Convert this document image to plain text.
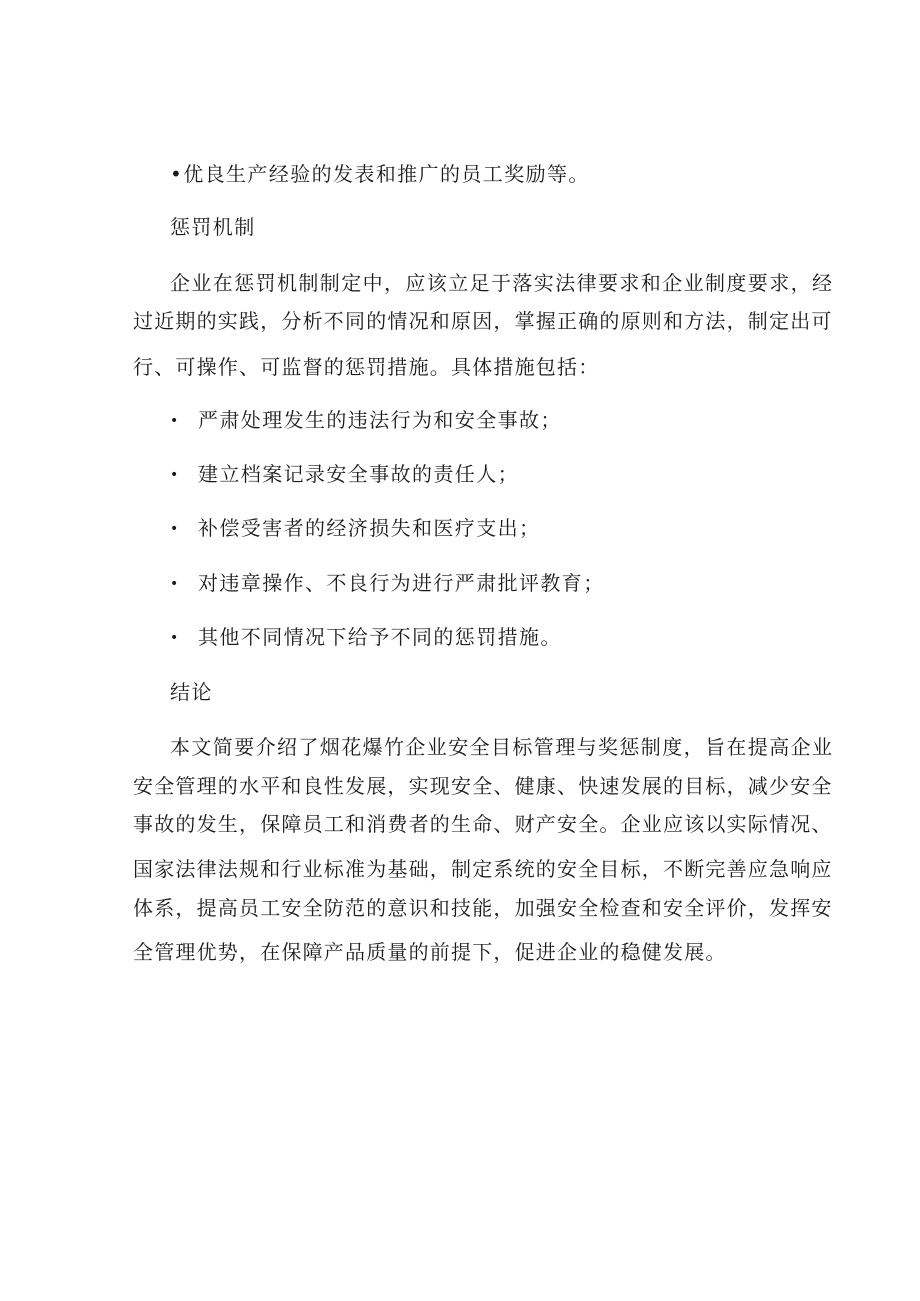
•优良生产经验的发表和推广的员工奖励等。
惩罚机制
企业在惩罚机制制定中，应该立足于落实法律要求和企业制度要求，经
过近期的实践，分析不同的情况和原因，掌握正确的原则和方法，制定出可
行、可操作、可监督的惩罚措施。具体措施包括：
• 严肃处理发生的违法行为和安全事故；
• 建立档案记录安全事故的责任人；
• 补偿受害者的经济损失和医疗支出；
• 对违章操作、不良行为进行严肃批评教育；
• 其他不同情况下给予不同的惩罚措施。
结论
本文简要介绍了烟花爆竹企业安全目标管理与奖惩制度，旨在提高企业
安全管理的水平和良性发展，实现安全、健康、快速发展的目标，减少安全
事故的发生，保障员工和消费者的生命、财产安全。企业应该以实际情况、
国家法律法规和行业标准为基础，制定系统的安全目标，不断完善应急响应
体系，提高员工安全防范的意识和技能，加强安全检查和安全评价，发挥安
全管理优势，在保障产品质量的前提下，促进企业的稳健发展。
